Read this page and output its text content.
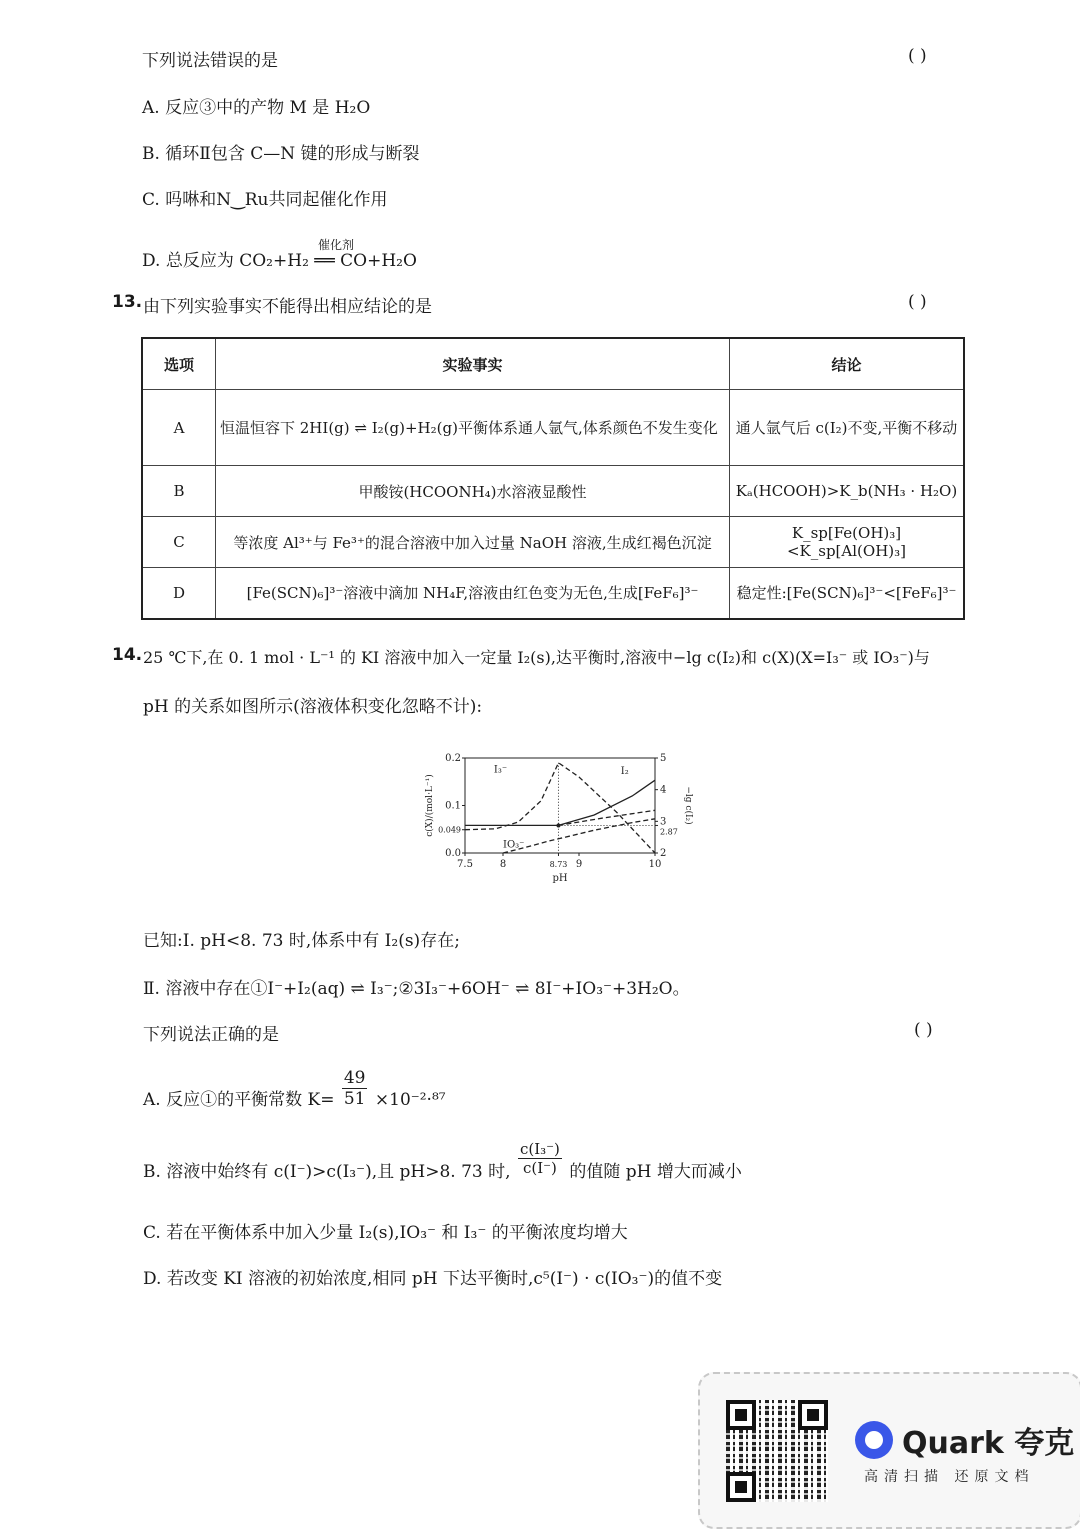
下列说法错误的是	( )
A. 反应③中的产物 M 是 H₂O
B. 循环Ⅱ包含 C—N 键的形成与断裂
C. 吗啉和N‿Ru共同起催化作用
催化剂
D. 总反应为 CO₂+H₂ ══ CO+H₂O
13. 由下列实验事实不能得出相应结论的是	( )
选项	实验事实	结论
A	恒温恒容下 2HI(g) ⇌ I₂(g)+H₂(g)平衡体系通人氩气,体系颜色不发生变化	通人氩气后 c(I₂)不变,平衡不移动
B	甲酸铵(HCOONH₄)水溶液显酸性	Kₐ(HCOOH)>K_b(NH₃ · H₂O)
C	等浓度 Al³⁺与 Fe³⁺的混合溶液中加入过量 NaOH 溶液,生成红褐色沉淀	K_sp[Fe(OH)₃]<K_sp[Al(OH)₃]
D	[Fe(SCN)₆]³⁻溶液中滴加 NH₄F,溶液由红色变为无色,生成[FeF₆]³⁻	稳定性:[Fe(SCN)₆]³⁻<[FeF₆]³⁻
14. 25 ℃下,在 0. 1 mol · L⁻¹ 的 KI 溶液中加入一定量 I₂(s),达平衡时,溶液中−lg c(I₂)和 c(X)(X=I₃⁻ 或 IO₃⁻)与
pH 的关系如图所示(溶液体积变化忽略不计):
7.5	8	8.73 9	10
0.0
0.049
0.1
0.2
2
2.87
3
4
5
I₃⁻
IO₃⁻
I₂
pH
c(X)/(mol·L⁻¹)	−lg c(I₂)
已知:Ⅰ. pH<8. 73 时,体系中有 I₂(s)存在;
Ⅱ. 溶液中存在①I⁻+I₂(aq) ⇌ I₃⁻;②3I₃⁻+6OH⁻ ⇌ 8I⁻+IO₃⁻+3H₂O。
下列说法正确的是	( )
A. 反应①的平衡常数 $K= \frac{49}{51} \times 10^{-2}\cdot^{87}$
B. 溶液中始终有 c(I⁻)>c(I₃⁻),且 pH>8. 73 时, $\frac{\text{c(I₃⁻)}}{c(I^-)}$ 的值随 pH 增大而减小
C. 若在平衡体系中加入少量 I₂(s),IO₃⁻ 和 I₃⁻ 的平衡浓度均增大
D. 若改变 KI 溶液的初始浓度,相同 pH 下达平衡时,c⁵(I⁻) · c(IO₃⁻)的值不变
Quark 夸克
高清扫描 还原文档
